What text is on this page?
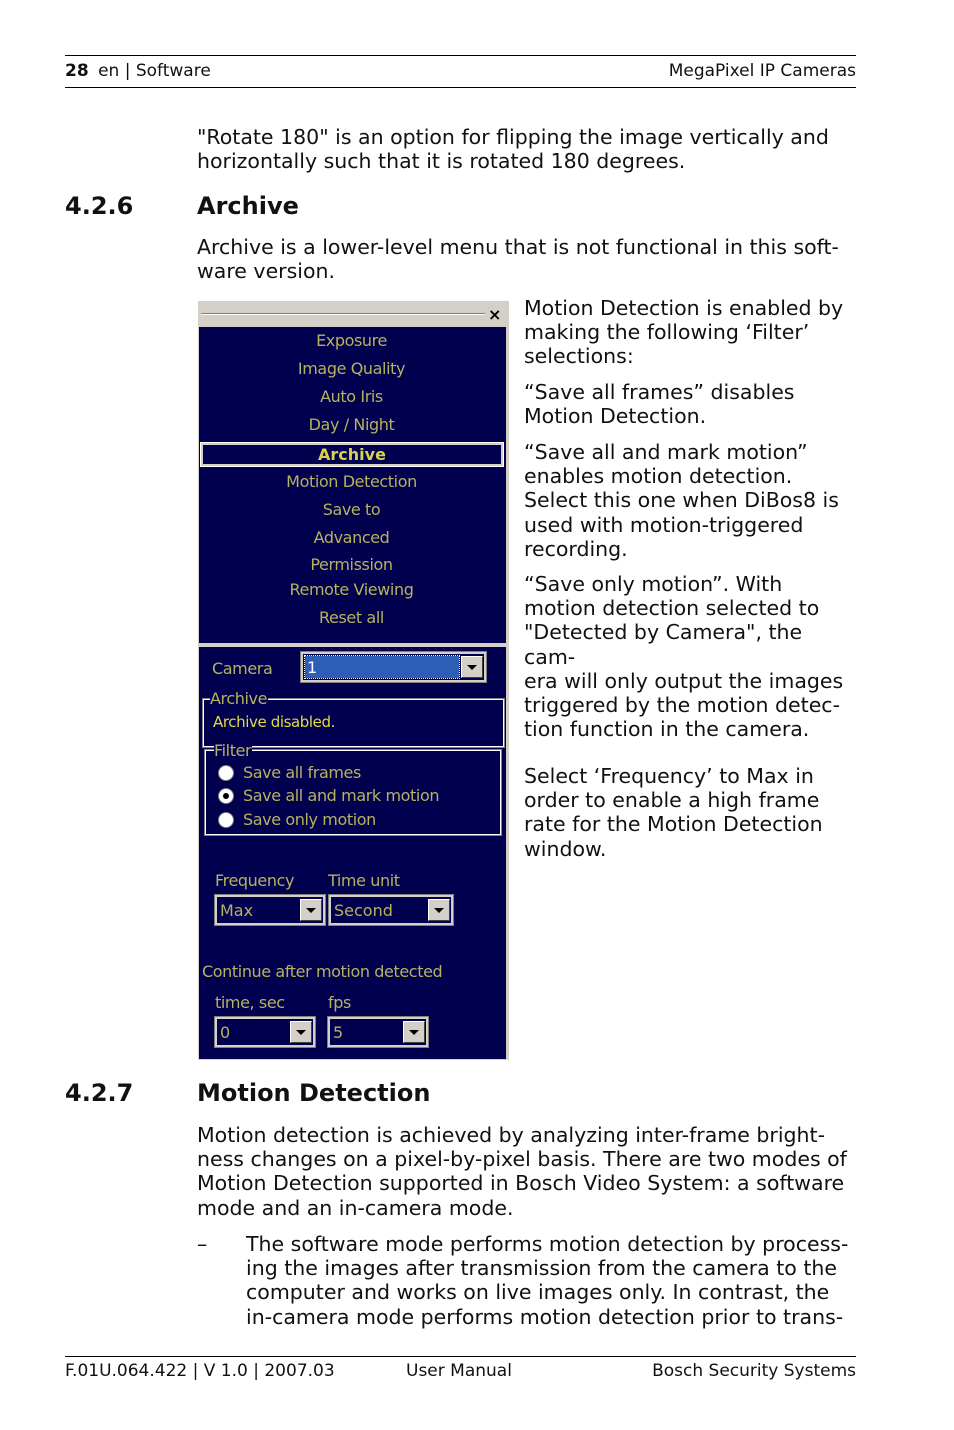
28 en | Software	MegaPixel IP Cameras
"Rotate 180" is an option for flipping the image vertically and
horizontally such that it is rotated 180 degrees.
4.2.6	Archive
Archive is a lower-level menu that is not functional in this soft-
ware version.
×
Exposure
Image Quality
Auto Iris
Day / Night
Motion Detection
Save to
Advanced
Permission
Remote Viewing
Reset all
Archive
Camera 1
Archive
Archive disabled.
Filter
Save all frames
Save all and mark motion
Save only motion
Frequency Time unit
Max	Second
Continue after motion detected
time, sec	fps
0	5
Motion Detection is enabled by
making the following ‘Filter’
selections:
“Save all frames” disables
Motion Detection.
“Save all and mark motion”
enables motion detection.
Select this one when DiBos8 is
used with motion-triggered
recording.
“Save only motion”. With
motion detection selected to
"Detected by Camera", the cam-
era will only output the images
triggered by the motion detec-
tion function in the camera.
Select ‘Frequency’ to Max in
order to enable a high frame
rate for the Motion Detection
window.
4.2.7	Motion Detection
Motion detection is achieved by analyzing inter-frame bright-
ness changes on a pixel-by-pixel basis. There are two modes of
Motion Detection supported in Bosch Video System: a software
mode and an in-camera mode.
– The software mode performs motion detection by process-
ing the images after transmission from the camera to the
computer and works on live images only. In contrast, the
in-camera mode performs motion detection prior to trans-
F.01U.064.422 | V 1.0 | 2007.03	User Manual	Bosch Security Systems
